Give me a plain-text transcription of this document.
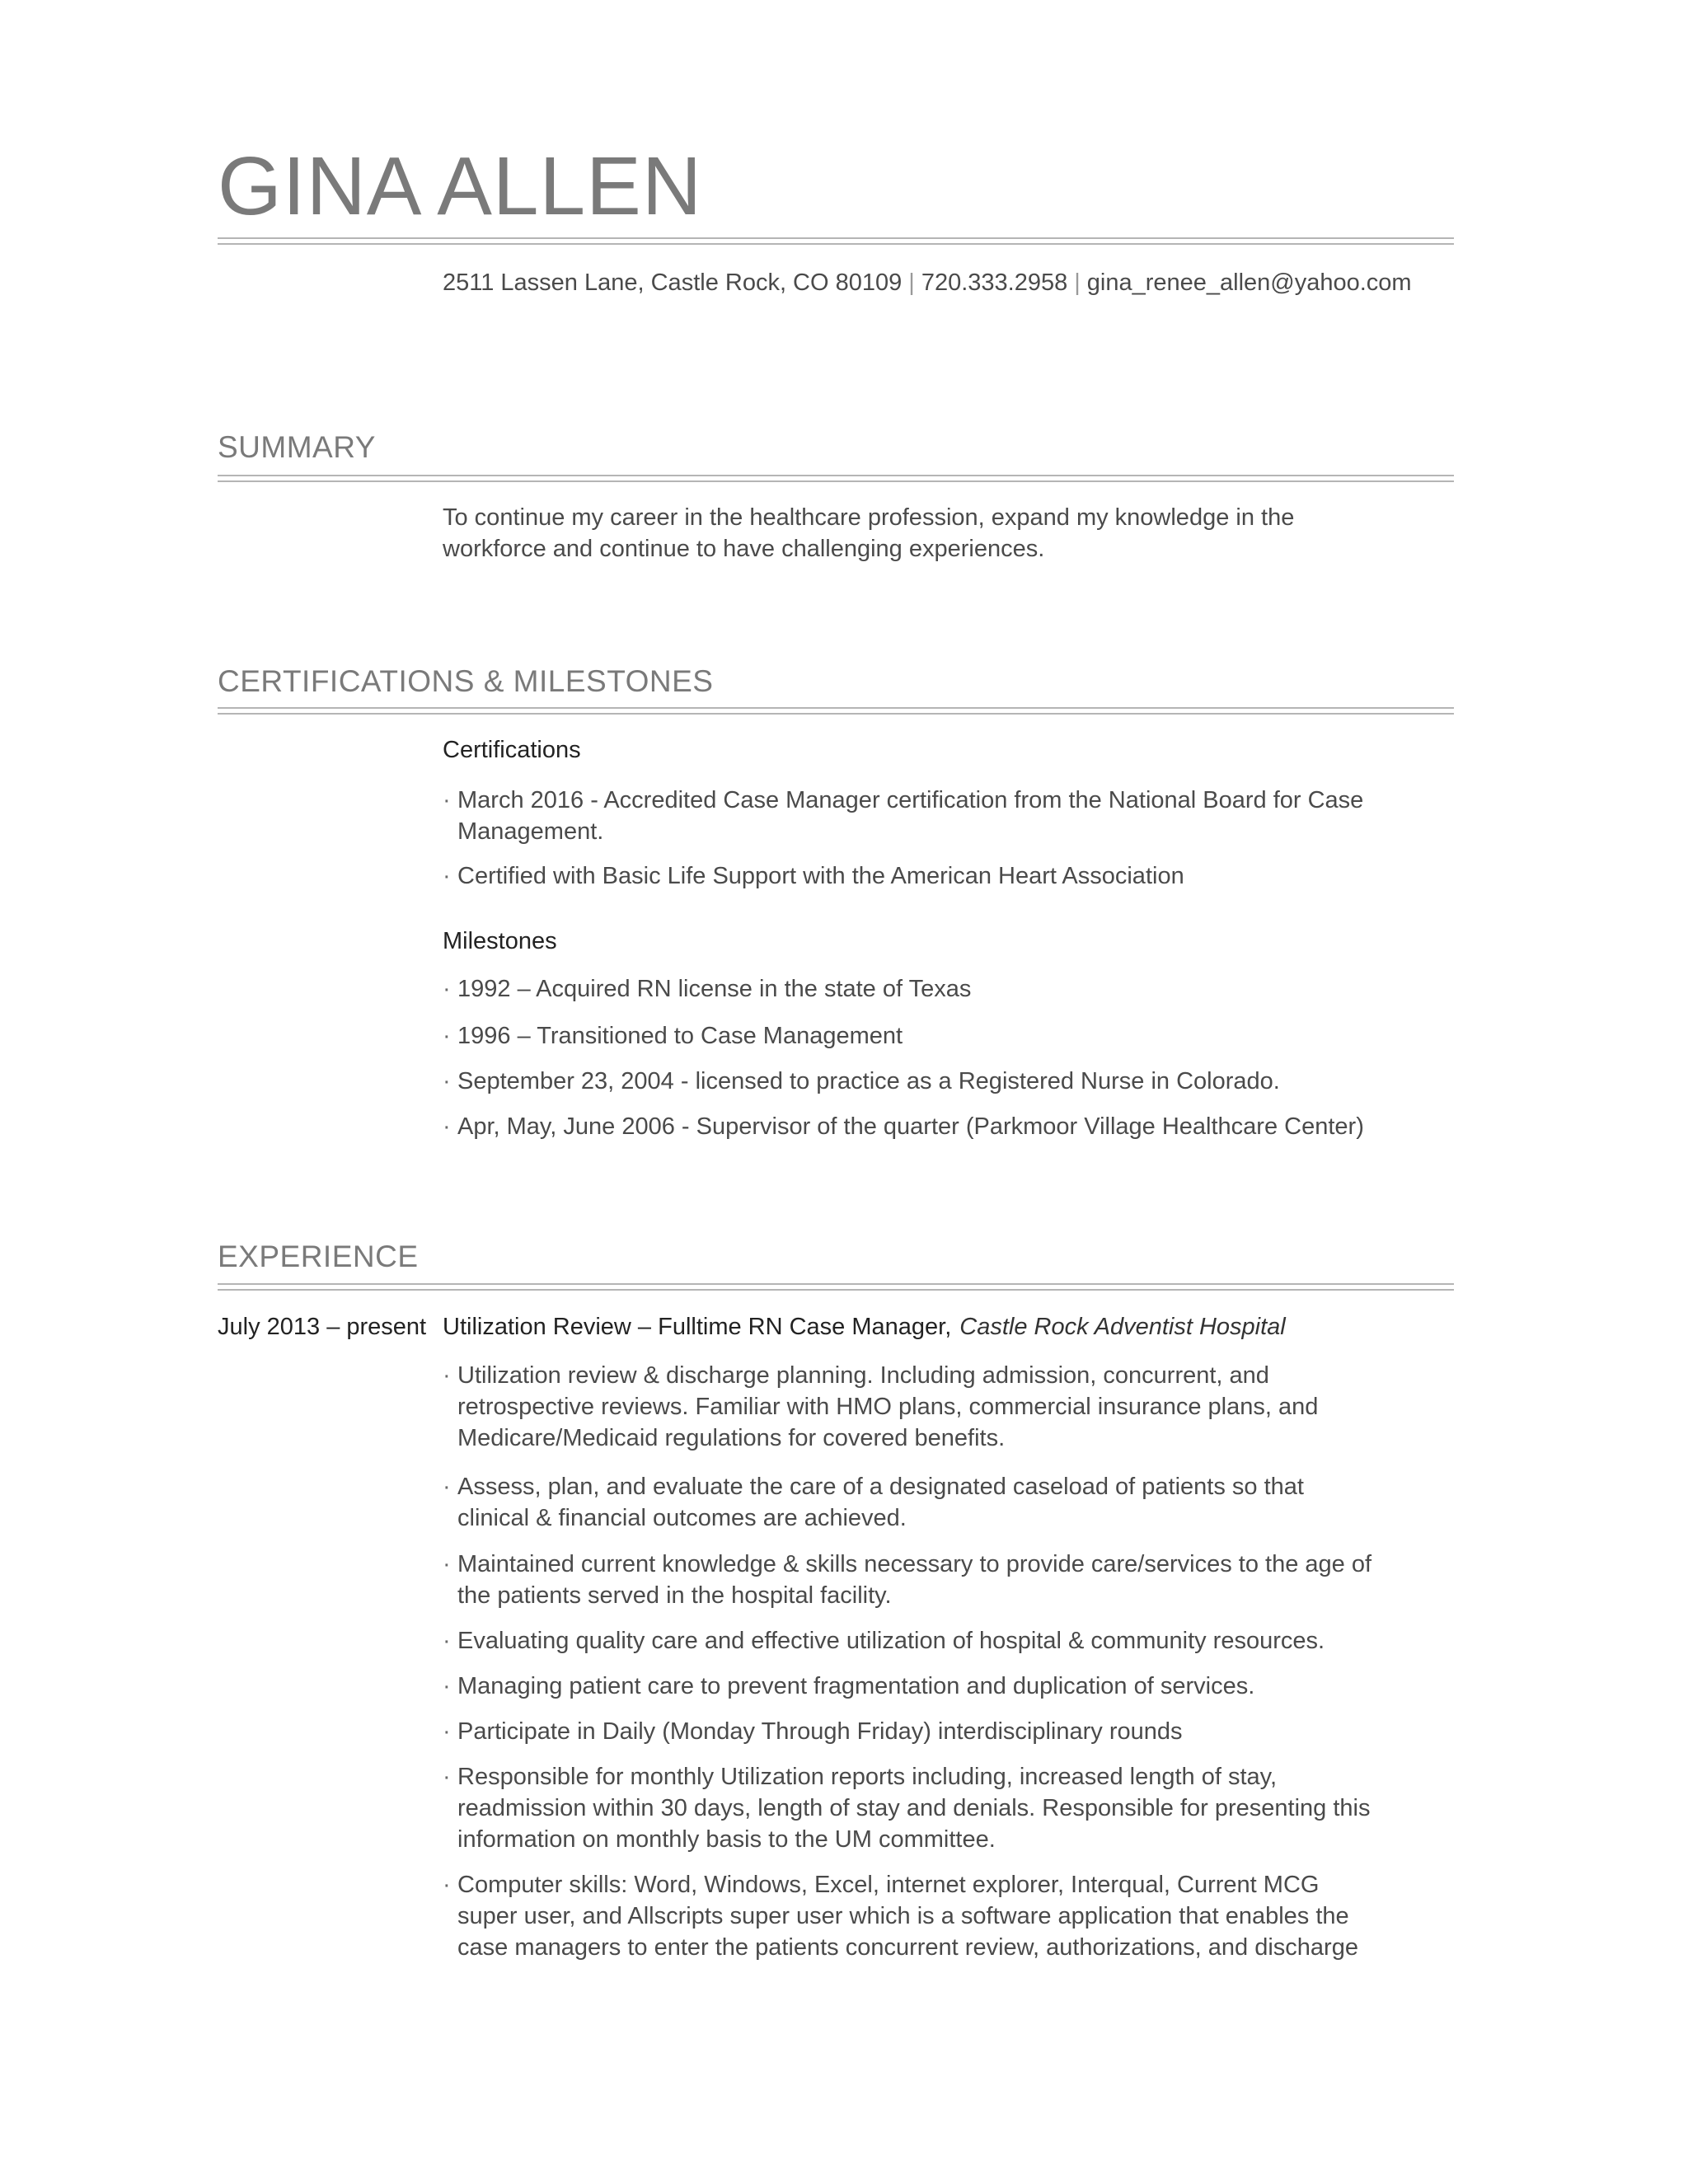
GINA ALLEN
2511 Lassen Lane, Castle Rock, CO 80109 | 720.333.2958 | gina_renee_allen@yahoo.com
SUMMARY
To continue my career in the healthcare profession, expand my knowledge in the workforce and continue to have challenging experiences.
CERTIFICATIONS & MILESTONES
Certifications
· March 2016 - Accredited Case Manager certification from the National Board for Case Management.
· Certified with Basic Life Support with the American Heart Association
Milestones
· 1992 – Acquired RN license in the state of Texas
· 1996 – Transitioned to Case Management
· September 23, 2004 - licensed to practice as a Registered Nurse in Colorado.
· Apr, May, June 2006 - Supervisor of the quarter (Parkmoor Village Healthcare Center)
EXPERIENCE
July 2013 – present Utilization Review – Fulltime RN Case Manager, Castle Rock Adventist Hospital
· Utilization review & discharge planning. Including admission, concurrent, and retrospective reviews. Familiar with HMO plans, commercial insurance plans, and Medicare/Medicaid regulations for covered benefits.
· Assess, plan, and evaluate the care of a designated caseload of patients so that clinical & financial outcomes are achieved.
· Maintained current knowledge & skills necessary to provide care/services to the age of the patients served in the hospital facility.
· Evaluating quality care and effective utilization of hospital & community resources.
· Managing patient care to prevent fragmentation and duplication of services.
· Participate in Daily (Monday Through Friday) interdisciplinary rounds
· Responsible for monthly Utilization reports including, increased length of stay, readmission within 30 days, length of stay and denials. Responsible for presenting this information on monthly basis to the UM committee.
· Computer skills: Word, Windows, Excel, internet explorer, Interqual, Current MCG super user, and Allscripts super user which is a software application that enables the case managers to enter the patients concurrent review, authorizations, and discharge
